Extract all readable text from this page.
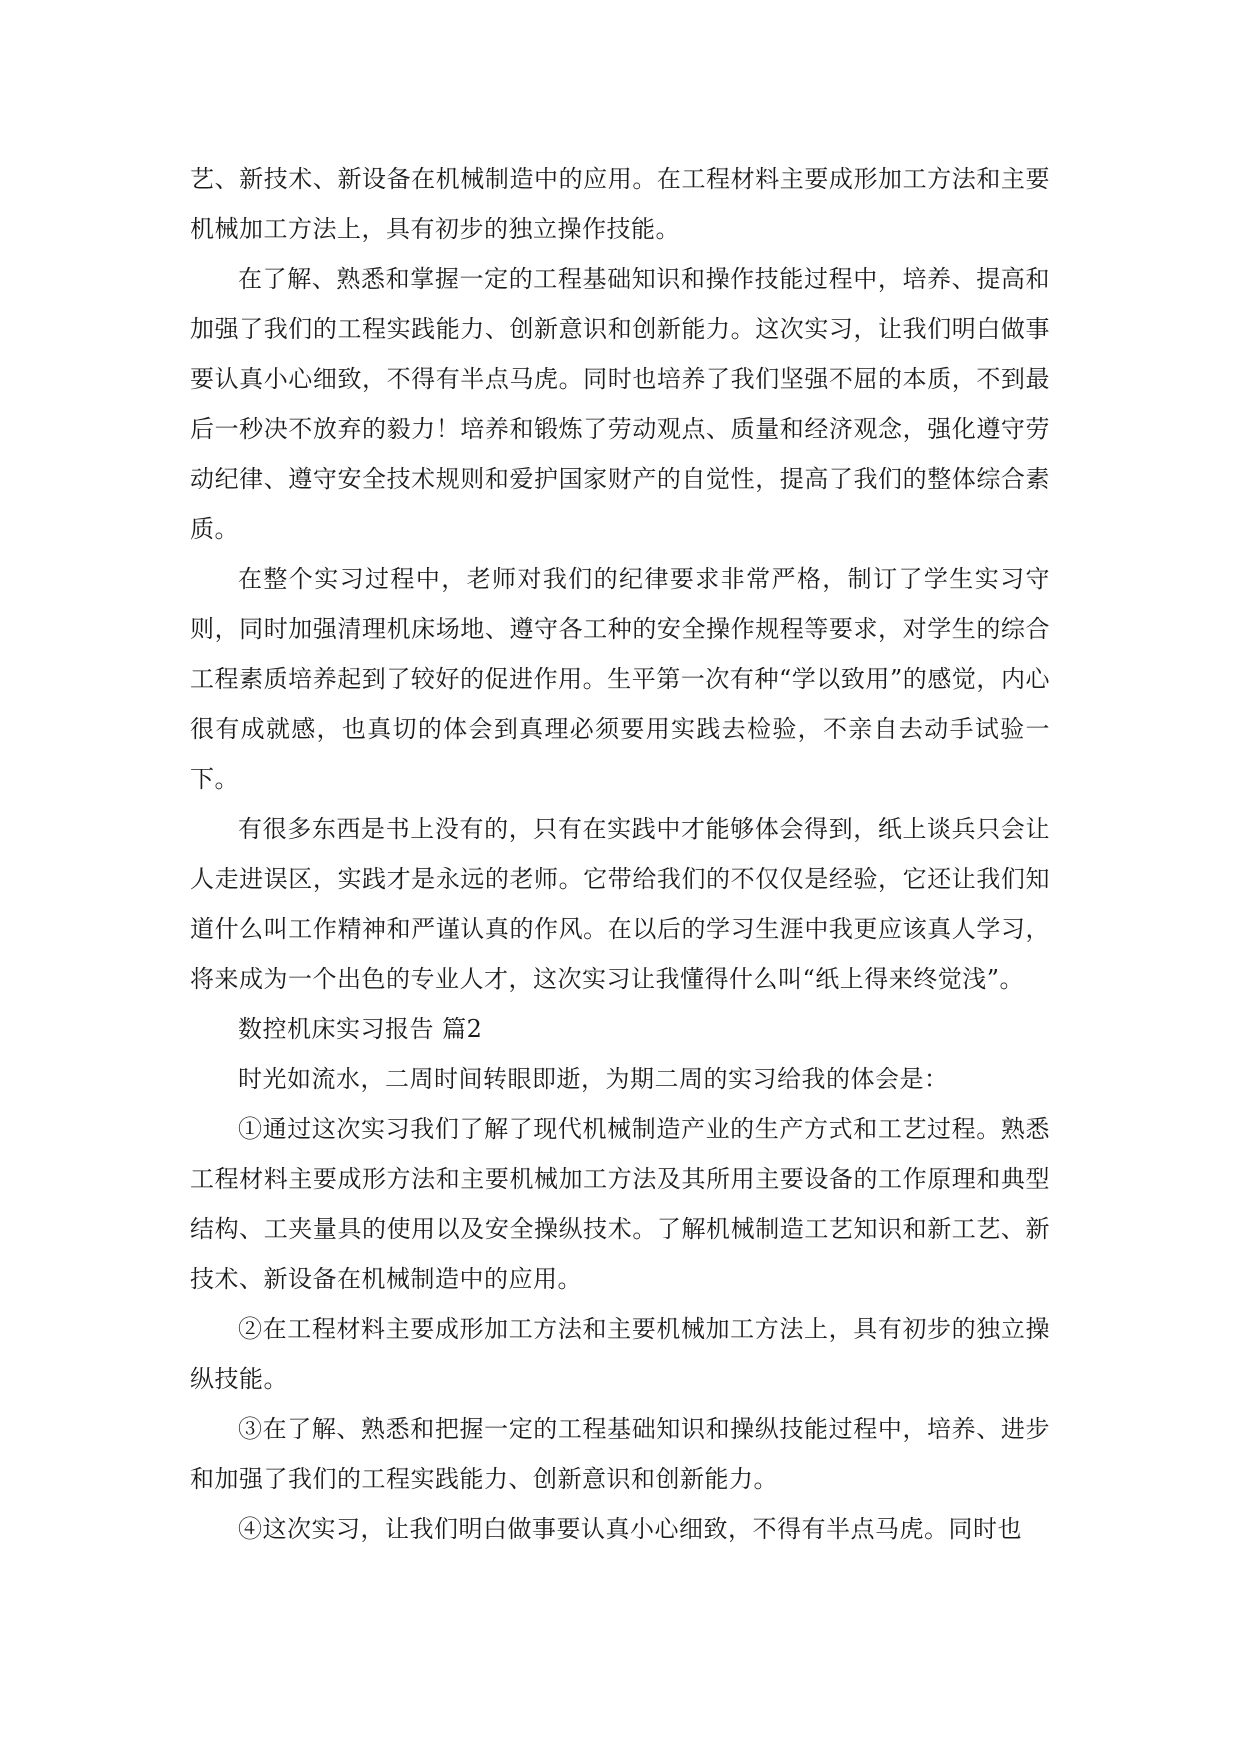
艺、新技术、新设备在机械制造中的应用。在工程材料主要成形加工方法和主要机械加工方法上，具有初步的独立操作技能。

在了解、熟悉和掌握一定的工程基础知识和操作技能过程中，培养、提高和加强了我们的工程实践能力、创新意识和创新能力。这次实习，让我们明白做事要认真小心细致，不得有半点马虎。同时也培养了我们坚强不屈的本质，不到最后一秒决不放弃的毅力！培养和锻炼了劳动观点、质量和经济观念，强化遵守劳动纪律、遵守安全技术规则和爱护国家财产的自觉性，提高了我们的整体综合素质。

在整个实习过程中，老师对我们的纪律要求非常严格，制订了学生实习守则，同时加强清理机床场地、遵守各工种的安全操作规程等要求，对学生的综合工程素质培养起到了较好的促进作用。生平第一次有种“学以致用”的感觉，内心很有成就感，也真切的体会到真理必须要用实践去检验，不亲自去动手试验一下。

有很多东西是书上没有的，只有在实践中才能够体会得到，纸上谈兵只会让人走进误区，实践才是永远的老师。它带给我们的不仅仅是经验，它还让我们知道什么叫工作精神和严谨认真的作风。在以后的学习生涯中我更应该真人学习，将来成为一个出色的专业人才，这次实习让我懂得什么叫“纸上得来终觉浅”。

数控机床实习报告 篇2

时光如流水，二周时间转眼即逝，为期二周的实习给我的体会是：

①通过这次实习我们了解了现代机械制造产业的生产方式和工艺过程。熟悉工程材料主要成形方法和主要机械加工方法及其所用主要设备的工作原理和典型结构、工夹量具的使用以及安全操纵技术。了解机械制造工艺知识和新工艺、新技术、新设备在机械制造中的应用。

②在工程材料主要成形加工方法和主要机械加工方法上，具有初步的独立操纵技能。

③在了解、熟悉和把握一定的工程基础知识和操纵技能过程中，培养、进步和加强了我们的工程实践能力、创新意识和创新能力。

④这次实习，让我们明白做事要认真小心细致，不得有半点马虎。同时也
